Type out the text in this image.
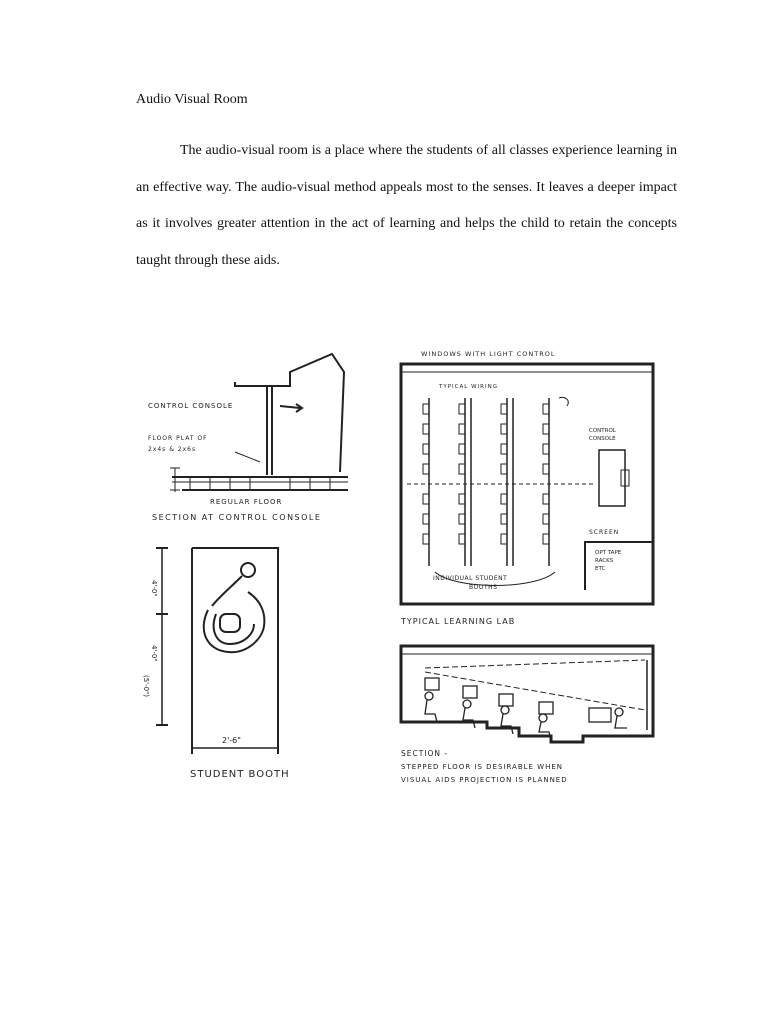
Audio Visual Room

The audio-visual room is a place where the students of all classes experience learning in an effective way. The audio-visual method appeals most to the senses. It leaves a deeper impact as it involves greater attention in the act of learning and helps the child to retain the concepts taught through these aids.

CONTROL CONSOLE
FLOOR PLAT OF
2x4s & 2x6s
REGULAR FLOOR
SECTION AT CONTROL CONSOLE
4'-0"
4'-0"
(5'-0")
2'-6"
STUDENT BOOTH
WINDOWS WITH LIGHT CONTROL
TYPICAL WIRING
CONTROL
CONSOLE
SCREEN
OPT TAPE
RACKS
ETC
INDIVIDUAL STUDENT
BOOTHS
TYPICAL LEARNING LAB
SECTION -
STEPPED FLOOR IS DESIRABLE WHEN
VISUAL AIDS PROJECTION IS PLANNED
